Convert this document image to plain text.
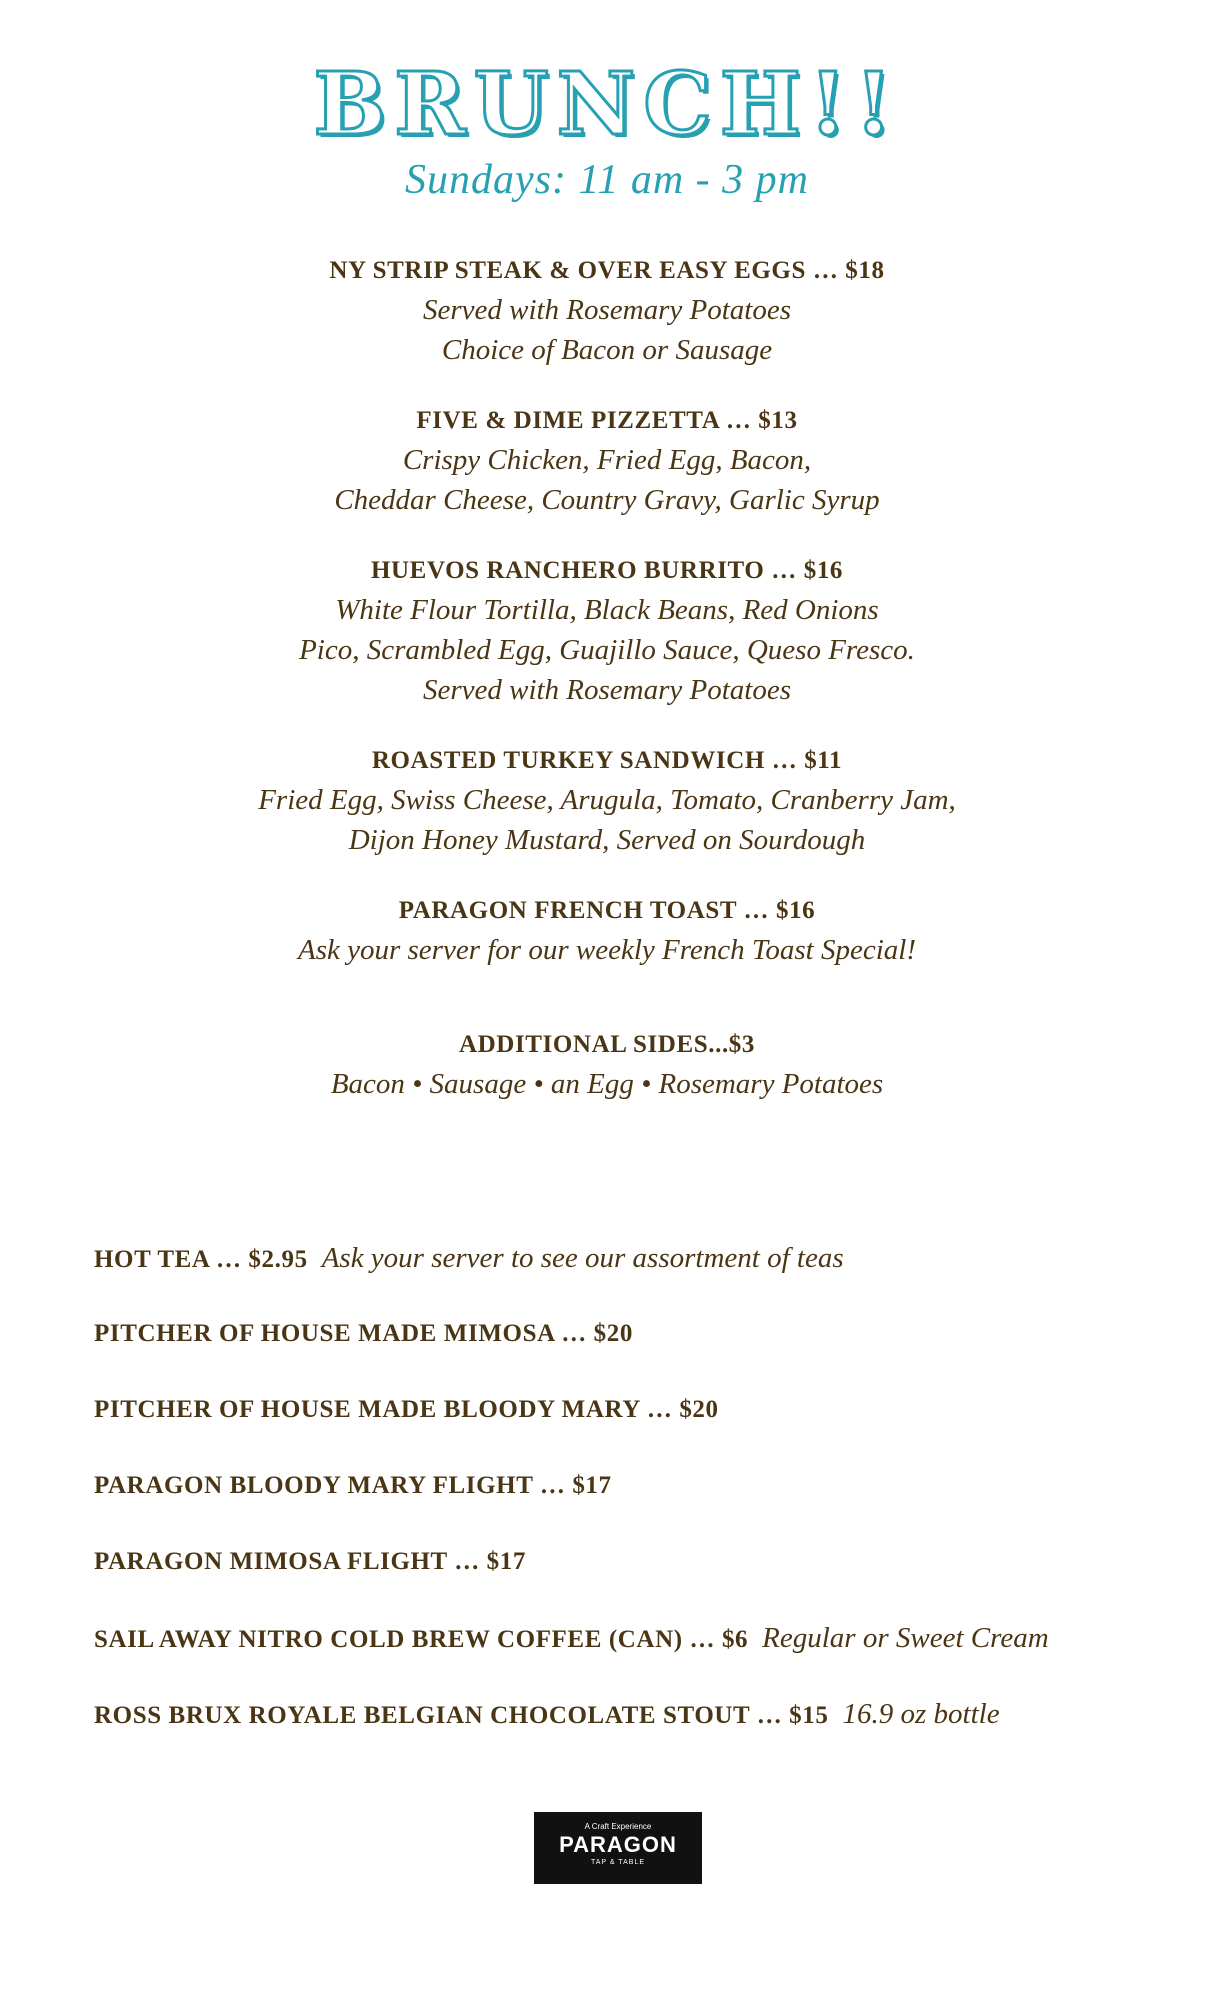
BRUNCH!!
Sundays: 11 am - 3 pm
NY STRIP STEAK & OVER EASY EGGS … $18
Served with Rosemary Potatoes
Choice of Bacon or Sausage
FIVE & DIME PIZZETTA … $13
Crispy Chicken, Fried Egg, Bacon,
Cheddar Cheese, Country Gravy, Garlic Syrup
HUEVOS RANCHERO BURRITO … $16
White Flour Tortilla, Black Beans, Red Onions
Pico, Scrambled Egg, Guajillo Sauce, Queso Fresco.
Served with Rosemary Potatoes
ROASTED TURKEY SANDWICH … $11
Fried Egg, Swiss Cheese, Arugula, Tomato, Cranberry Jam,
Dijon Honey Mustard, Served on Sourdough
PARAGON FRENCH TOAST … $16
Ask your server for our weekly French Toast Special!
ADDITIONAL SIDES...$3
Bacon • Sausage • an Egg • Rosemary Potatoes
HOT TEA … $2.95 Ask your server to see our assortment of teas
PITCHER OF HOUSE MADE MIMOSA … $20
PITCHER OF HOUSE MADE BLOODY MARY … $20
PARAGON BLOODY MARY FLIGHT … $17
PARAGON MIMOSA FLIGHT … $17
SAIL AWAY NITRO COLD BREW COFFEE (CAN) … $6 Regular or Sweet Cream
ROSS BRUX ROYALE BELGIAN CHOCOLATE STOUT … $15 16.9 oz bottle
A Craft Experience
PARAGON
TAP & TABLE
